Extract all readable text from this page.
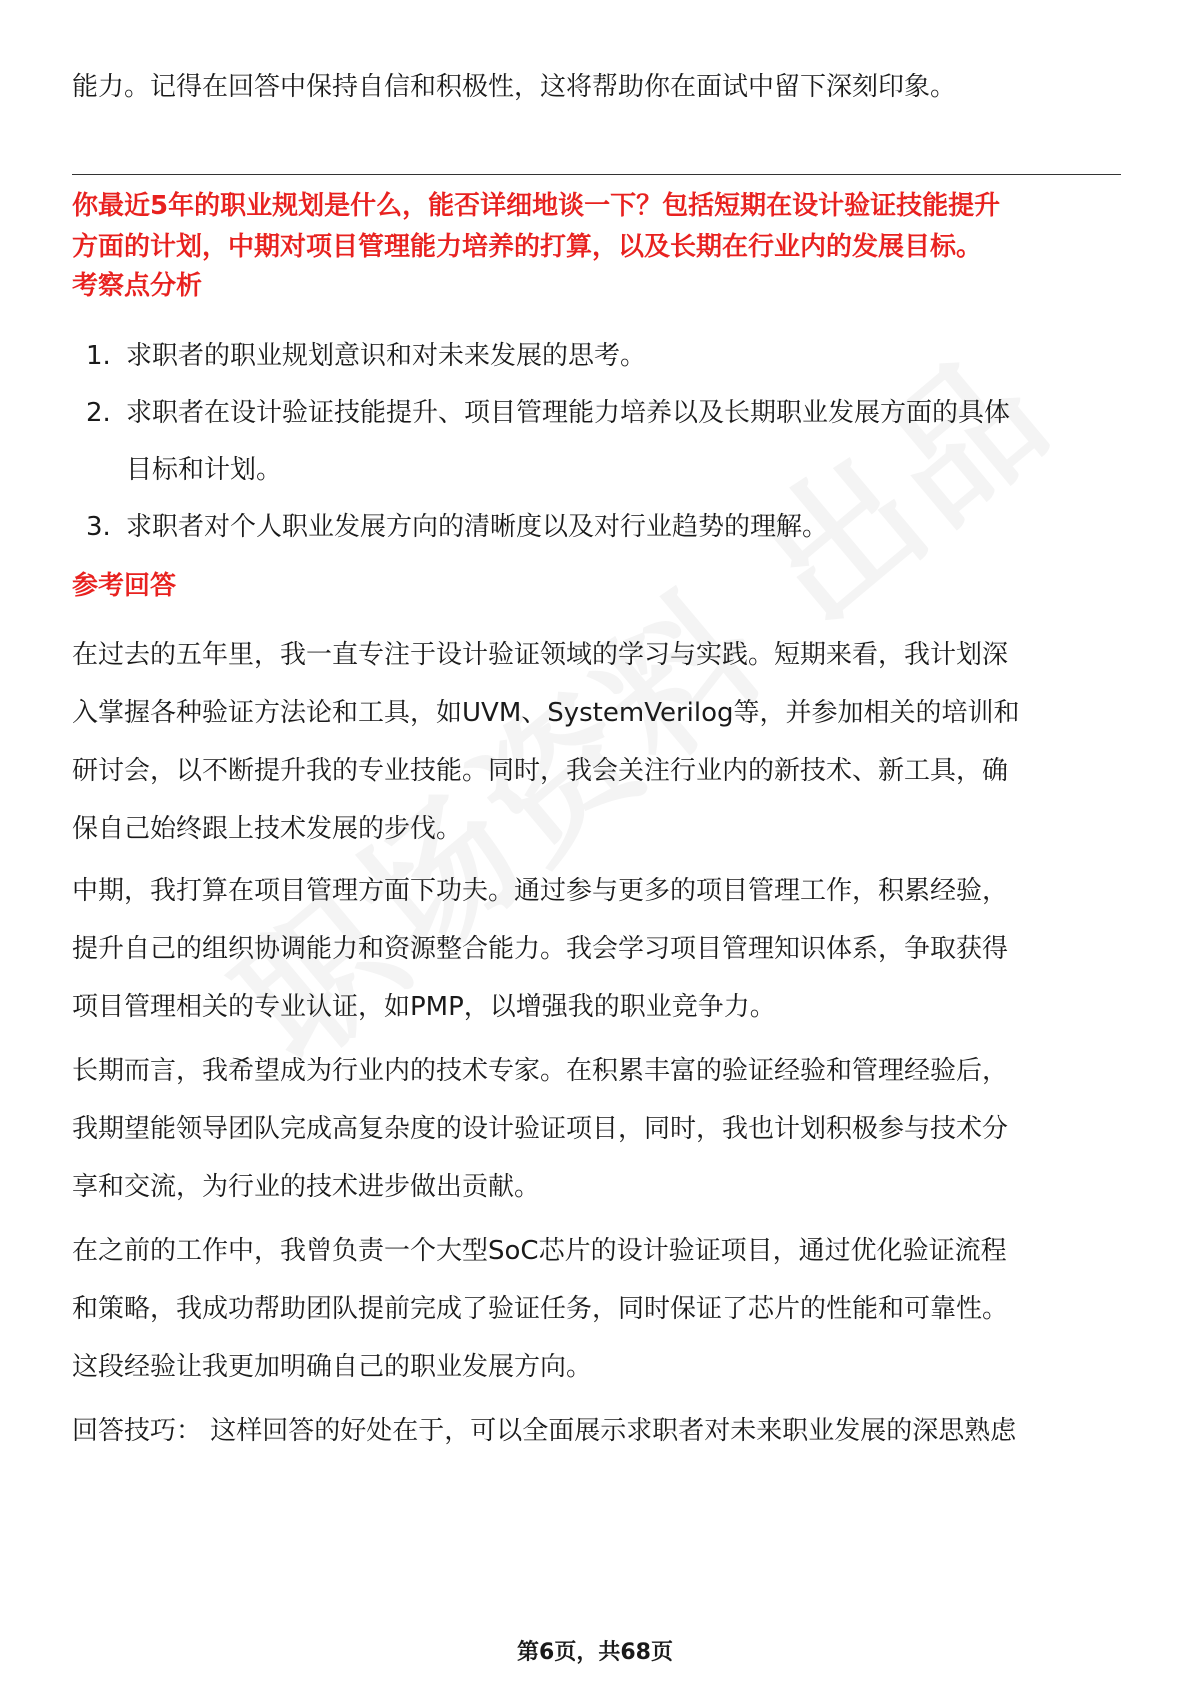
能力。记得在回答中保持自信和积极性，这将帮助你在面试中留下深刻印象。
你最近5年的职业规划是什么，能否详细地谈一下？包括短期在设计验证技能提升
方面的计划，中期对项目管理能力培养的打算，以及长期在行业内的发展目标。
考察点分析
1. 求职者的职业规划意识和对未来发展的思考。
2. 求职者在设计验证技能提升、项目管理能力培养以及长期职业发展方面的具体
目标和计划。
3. 求职者对个人职业发展方向的清晰度以及对行业趋势的理解。
参考回答
在过去的五年里，我一直专注于设计验证领域的学习与实践。短期来看，我计划深
入掌握各种验证方法论和工具，如UVM、SystemVerilog等，并参加相关的培训和
研讨会，以不断提升我的专业技能。同时，我会关注行业内的新技术、新工具，确
保自己始终跟上技术发展的步伐。
中期，我打算在项目管理方面下功夫。通过参与更多的项目管理工作，积累经验，
提升自己的组织协调能力和资源整合能力。我会学习项目管理知识体系，争取获得
项目管理相关的专业认证，如PMP，以增强我的职业竞争力。
长期而言，我希望成为行业内的技术专家。在积累丰富的验证经验和管理经验后，
我期望能领导团队完成高复杂度的设计验证项目，同时，我也计划积极参与技术分
享和交流，为行业的技术进步做出贡献。
在之前的工作中，我曾负责一个大型SoC芯片的设计验证项目，通过优化验证流程
和策略，我成功帮助团队提前完成了验证任务，同时保证了芯片的性能和可靠性。
这段经验让我更加明确自己的职业发展方向。
回答技巧： 这样回答的好处在于，可以全面展示求职者对未来职业发展的深思熟虑
第6页，共68页
